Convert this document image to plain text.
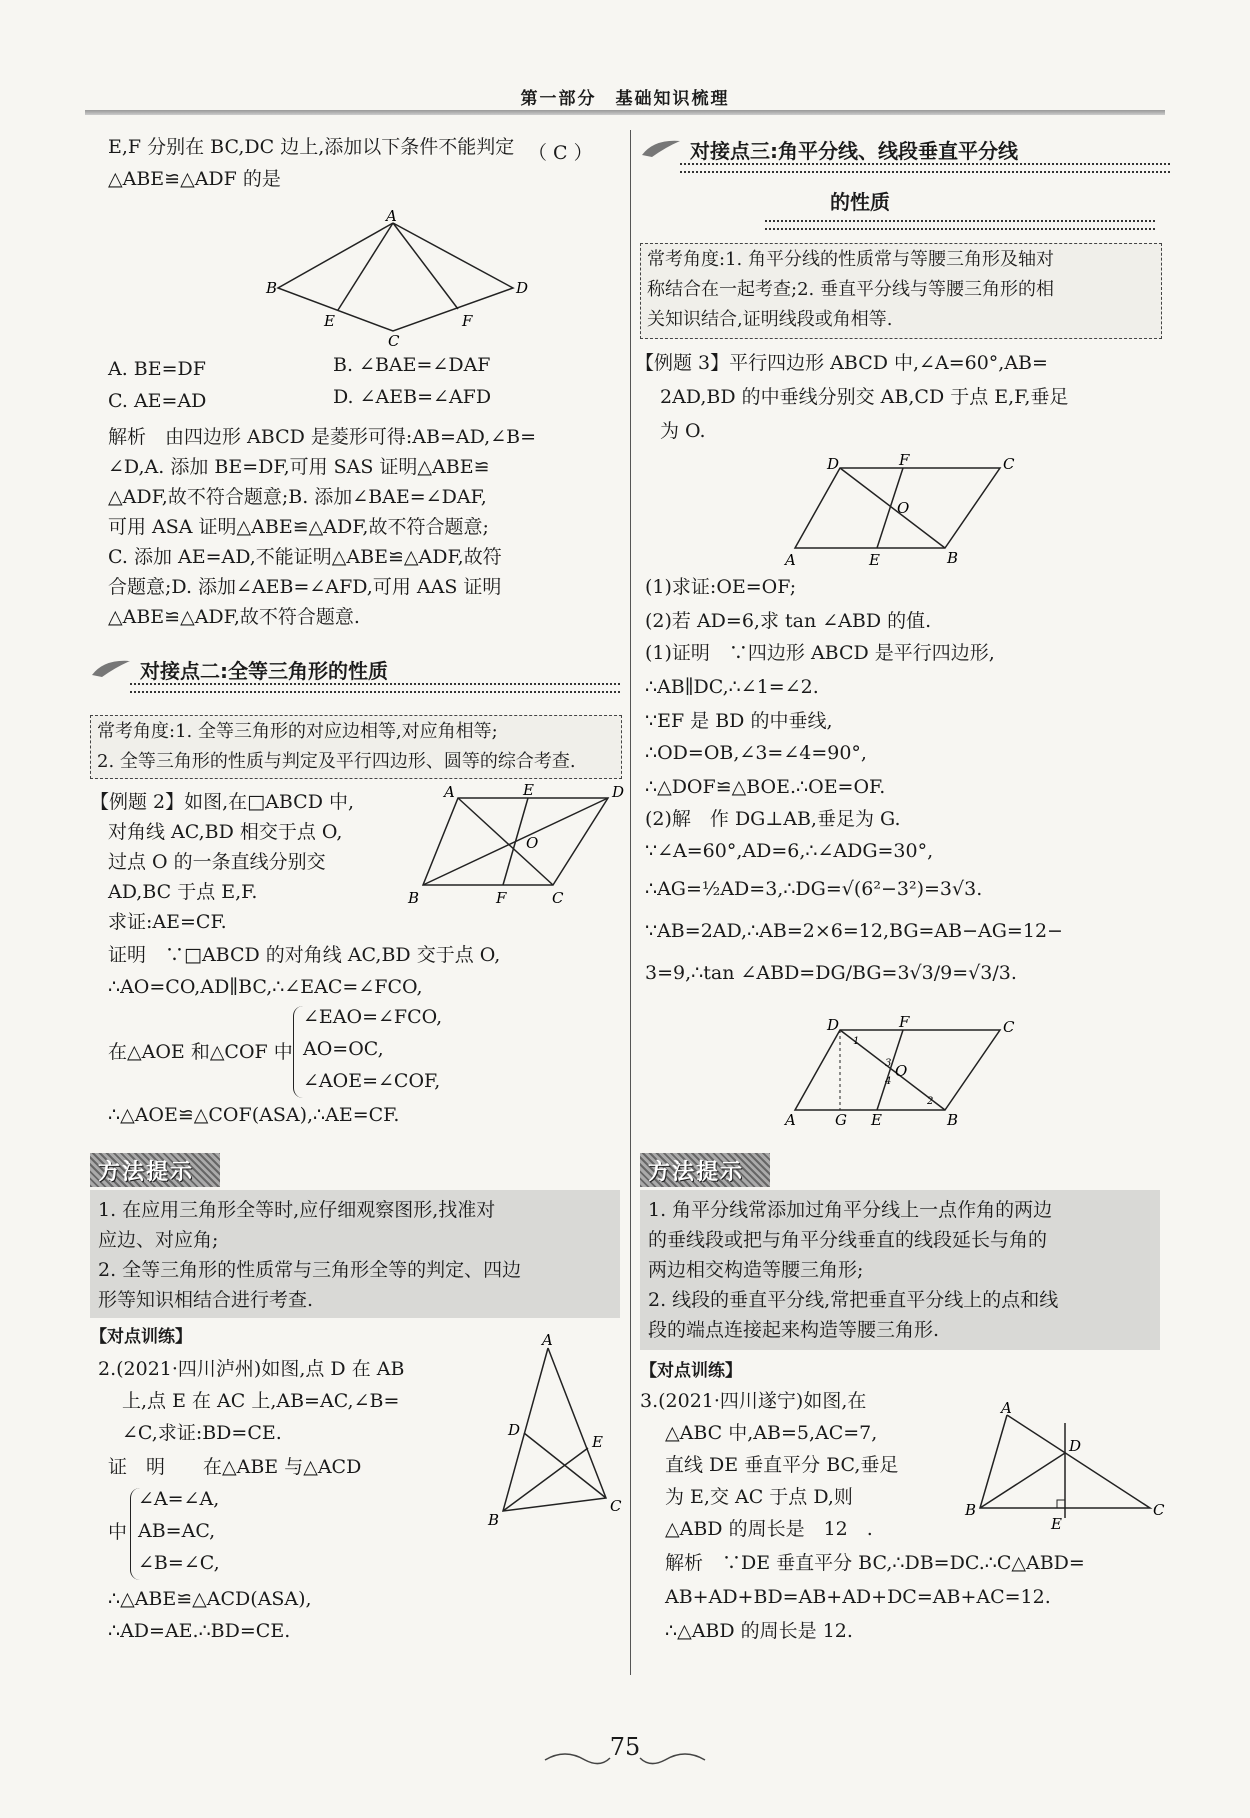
第一部分　基础知识梳理
E,F 分别在 BC,DC 边上,添加以下条件不能判定
△ABE≌△ADF 的是
（ C ）
A
B	D
E	F
C
A. BE=DF	B. ∠BAE=∠DAF
C. AE=AD	D. ∠AEB=∠AFD
解析　由四边形 ABCD 是菱形可得:AB=AD,∠B=
∠D,A. 添加 BE=DF,可用 SAS 证明△ABE≌
△ADF,故不符合题意;B. 添加∠BAE=∠DAF,
可用 ASA 证明△ABE≌△ADF,故不符合题意;
C. 添加 AE=AD,不能证明△ABE≌△ADF,故符
合题意;D. 添加∠AEB=∠AFD,可用 AAS 证明
△ABE≌△ADF,故不符合题意.
对接点二:全等三角形的性质
常考角度:1. 全等三角形的对应边相等,对应角相等;
2. 全等三角形的性质与判定及平行四边形、圆等的综合考查.
【例题 2】如图,在□ABCD 中,
对角线 AC,BD 相交于点 O,
过点 O 的一条直线分别交
AD,BC 于点 E,F.
求证:AE=CF.
A	E	D
O
B	F	C
证明　∵□ABCD 的对角线 AC,BD 交于点 O,
∴AO=CO,AD∥BC,∴∠EAC=∠FCO,
在△AOE 和△COF 中
∠EAO=∠FCO,
AO=OC,
∠AOE=∠COF,
∴△AOE≌△COF(ASA),∴AE=CF.
方法提示
1. 在应用三角形全等时,应仔细观察图形,找准对
应边、对应角;
2. 全等三角形的性质常与三角形全等的判定、四边
形等知识相结合进行考查.
【对点训练】
2.(2021·四川泸州)如图,点 D 在 AB
上,点 E 在 AC 上,AB=AC,∠B=
∠C,求证:BD=CE.
证　明　　在△ABE 与△ACD
中
∠A=∠A,
AB=AC,
∠B=∠C,
∴△ABE≌△ACD(ASA),
∴AD=AE.∴BD=CE.
A
D
E
B
C
对接点三:角平分线、线段垂直平分线
的性质
常考角度:1. 角平分线的性质常与等腰三角形及轴对
称结合在一起考查;2. 垂直平分线与等腰三角形的相
关知识结合,证明线段或角相等.
【例题 3】平行四边形 ABCD 中,∠A=60°,AB=
2AD,BD 的中垂线分别交 AB,CD 于点 E,F,垂足
为 O.
D	F	C
O
A	E	B
(1)求证:OE=OF;
(2)若 AD=6,求 tan ∠ABD 的值.
(1)证明　∵四边形 ABCD 是平行四边形,
∴AB∥DC,∴∠1=∠2.
∵EF 是 BD 的中垂线,
∴OD=OB,∠3=∠4=90°,
∴△DOF≌△BOE.∴OE=OF.
(2)解　作 DG⊥AB,垂足为 G.
∵∠A=60°,AD=6,∴∠ADG=30°,
∴AG=½AD=3,∴DG=√(6²−3²)=3√3.
∵AB=2AD,∴AB=2×6=12,BG=AB−AG=12−
3=9,∴tan ∠ABD=DG/BG=3√3/9=√3/3.
D	F	C
1
3 O
4
2
A	G E	B
方法提示
1. 角平分线常添加过角平分线上一点作角的两边
的垂线段或把与角平分线垂直的线段延长与角的
两边相交构造等腰三角形;
2. 线段的垂直平分线,常把垂直平分线上的点和线
段的端点连接起来构造等腰三角形.
【对点训练】
3.(2021·四川遂宁)如图,在
△ABC 中,AB=5,AC=7,
直线 DE 垂直平分 BC,垂足
为 E,交 AC 于点 D,则
△ABD 的周长是　12　.
解析　∵DE 垂直平分 BC,∴DB=DC.∴C△ABD=
AB+AD+BD=AB+AD+DC=AB+AC=12.
∴△ABD 的周长是 12.
A
D
B
E
C
75
